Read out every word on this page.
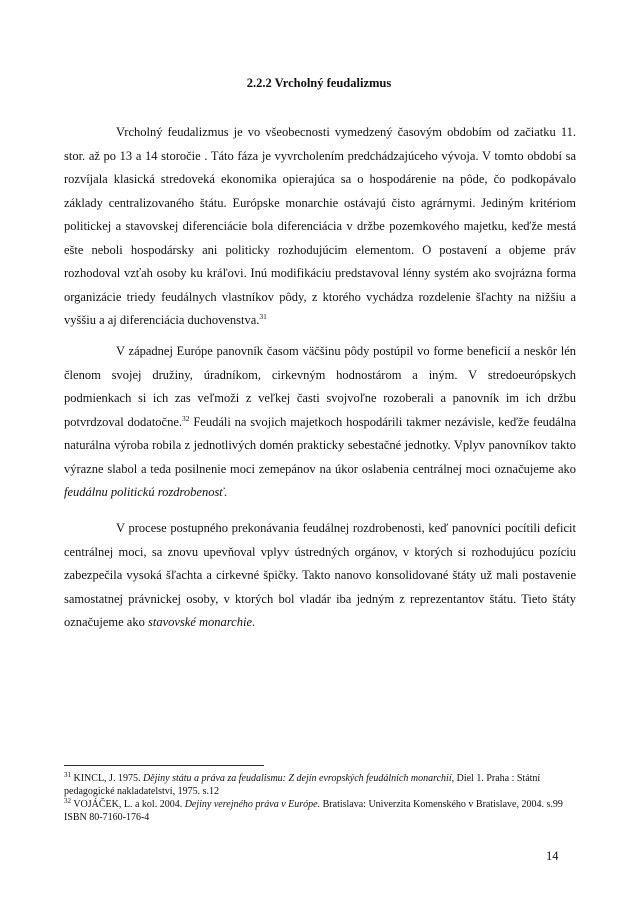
2.2.2 Vrcholný feudalizmus

Vrcholný feudalizmus je vo všeobecnosti vymedzený časovým obdobím od začiatku 11. stor. až po 13 a 14 storočie . Táto fáza je vyvrcholením predchádzajúceho vývoja. V tomto období sa rozvíjala klasická stredoveká ekonomika opierajúca sa o hospodárenie na pôde, čo podkopávalo základy centralizovaného štátu. Európske monarchie ostávajú čisto agrárnymi. Jediným kritériom politickej a stavovskej diferenciácie bola diferenciácia v držbe pozemkového majetku, keďže mestá ešte neboli hospodársky ani politicky rozhodujúcim elementom. O postavení a objeme práv rozhodoval vzťah osoby ku kráľovi. Inú modifikáciu predstavoval lénny systém ako svojrázna forma organizácie triedy feudálnych vlastníkov pôdy, z ktorého vychádza rozdelenie šľachty na nižšiu a vyššiu a aj diferenciácia duchovenstva.$^{31}$

V západnej Európe panovník časom väčšinu pôdy postúpil vo forme beneficií a neskôr lén členom svojej družiny, úradníkom, cirkevným hodnostárom a iným. V stredoeurópskych podmienkach si ich zas veľmoži z veľkej časti svojvoľne rozoberali a panovník im ich držbu potvrdzoval dodatočne.$^{32}$ Feudáli na svojich majetkoch hospodárili takmer nezávisle, keďže feudálna naturálna výroba robila z jednotlivých domén prakticky sebestačné jednotky. Vplyv panovníkov takto výrazne slabol a teda posilnenie moci zemepánov na úkor oslabenia centrálnej moci označujeme ako feudálnu politickú rozdrobenosť.

V procese postupného prekonávania feudálnej rozdrobenosti, keď panovníci pocítili deficit centrálnej moci, sa znovu upevňoval vplyv ústredných orgánov, v ktorých si rozhodujúcu pozíciu zabezpečila vysoká šľachta a cirkevné špičky. Takto nanovo konsolidované štáty už mali postavenie samostatnej právnickej osoby, v ktorých bol vladár iba jedným z reprezentantov štátu. Tieto štáty označujeme ako stavovské monarchie.

$^{31}$ KINCL, J. 1975. Dějiny státu a práva za feudalismu: Z dejín evropských feudálních monarchií, Diel 1. Praha : Státní pedagogické nakladatelství, 1975. s.12

$^{32}$ VOJÁČEK, L. a kol. 2004. Dejiny verejného práva v Európe. Bratislava: Univerzita Komenského v Bratislave, 2004. s.99 ISBN 80-7160-176-4

14
